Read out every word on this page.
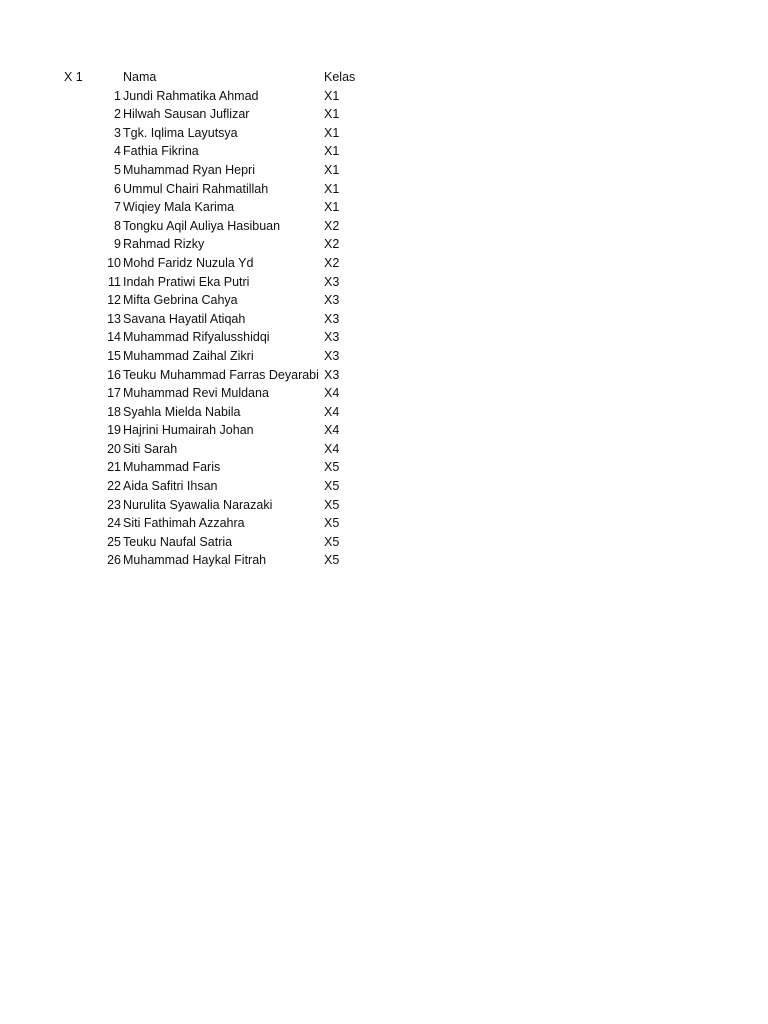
X 1	Nama	Kelas
1 Jundi Rahmatika Ahmad	X1
2 Hilwah Sausan Juflizar	X1
3 Tgk. Iqlima Layutsya	X1
4 Fathia Fikrina	X1
5 Muhammad Ryan Hepri	X1
6 Ummul Chairi Rahmatillah	X1
7 Wiqiey Mala Karima	X1
8 Tongku Aqil Auliya Hasibuan	X2
9 Rahmad Rizky	X2
10 Mohd Faridz Nuzula Yd	X2
11 Indah Pratiwi Eka Putri	X3
12 Mifta Gebrina Cahya	X3
13 Savana Hayatil Atiqah	X3
14 Muhammad Rifyalusshidqi	X3
15 Muhammad Zaihal Zikri	X3
16 Teuku Muhammad Farras Deyarabi X3
17 Muhammad Revi Muldana	X4
18 Syahla Mielda Nabila	X4
19 Hajrini Humairah Johan	X4
20 Siti Sarah	X4
21 Muhammad Faris	X5
22 Aida Safitri Ihsan	X5
23 Nurulita Syawalia Narazaki	X5
24 Siti Fathimah Azzahra	X5
25 Teuku Naufal Satria	X5
26 Muhammad Haykal Fitrah	X5
